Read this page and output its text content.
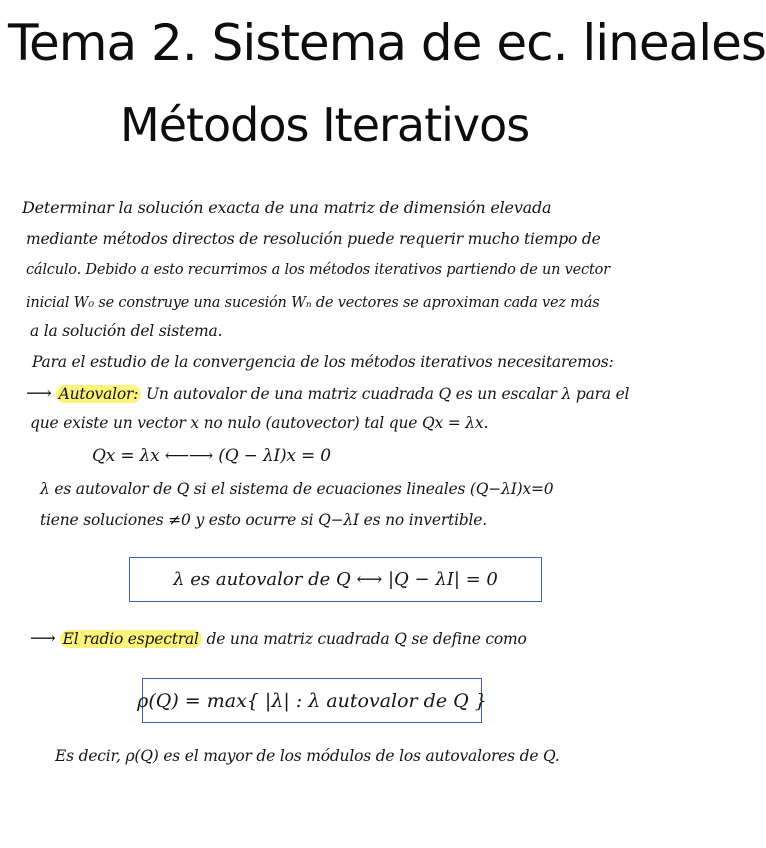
Tema 2. Sistema de ec. lineales
Métodos Iterativos
Determinar la solución exacta de una matriz de dimensión elevada
mediante métodos directos de resolución puede requerir mucho tiempo de
cálculo. Debido a esto recurrimos a los métodos iterativos partiendo de un vector
inicial W₀ se construye una sucesión Wₙ de vectores se aproximan cada vez más
a la solución del sistema.
Para el estudio de la convergencia de los métodos iterativos necesitaremos:
⟶ Autovalor: Un autovalor de una matriz cuadrada Q es un escalar λ para el
que existe un vector x no nulo (autovector) tal que Qx = λx.
Qx = λx ⟵⟶ (Q − λI)x = 0
λ es autovalor de Q si el sistema de ecuaciones lineales (Q−λI)x=0
tiene soluciones ≠0 y esto ocurre si Q−λI es no invertible.
λ es autovalor de Q ⟷ |Q − λI| = 0
⟶ El radio espectral de una matriz cuadrada Q se define como
ρ(Q) = max{ |λ| : λ autovalor de Q }
Es decir, ρ(Q) es el mayor de los módulos de los autovalores de Q.
